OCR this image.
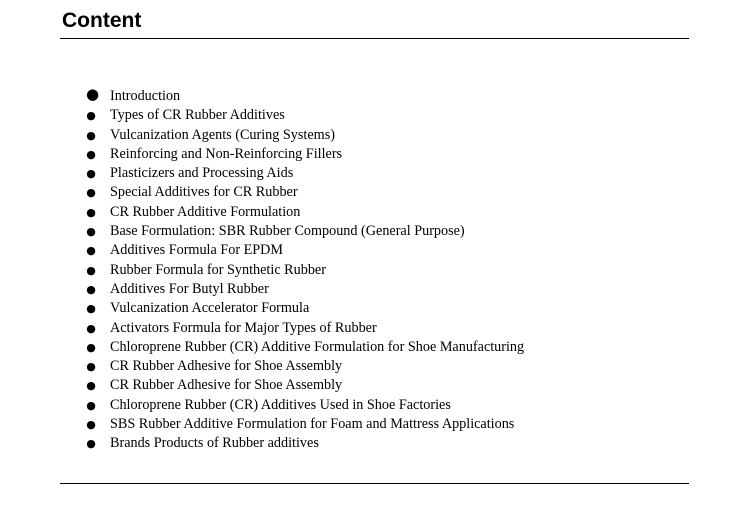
Content
● Introduction
● Types of CR Rubber Additives
● Vulcanization Agents (Curing Systems)
● Reinforcing and Non-Reinforcing Fillers
● Plasticizers and Processing Aids
● Special Additives for CR Rubber
● CR Rubber Additive Formulation
● Base Formulation: SBR Rubber Compound (General Purpose)
● Additives Formula For EPDM
● Rubber Formula for Synthetic Rubber
● Additives For Butyl Rubber
● Vulcanization Accelerator Formula
● Activators Formula for Major Types of Rubber
● Chloroprene Rubber (CR) Additive Formulation for Shoe Manufacturing
● CR Rubber Adhesive for Shoe Assembly
● CR Rubber Adhesive for Shoe Assembly
● Chloroprene Rubber (CR) Additives Used in Shoe Factories
● SBS Rubber Additive Formulation for Foam and Mattress Applications
● Brands Products of Rubber additives
